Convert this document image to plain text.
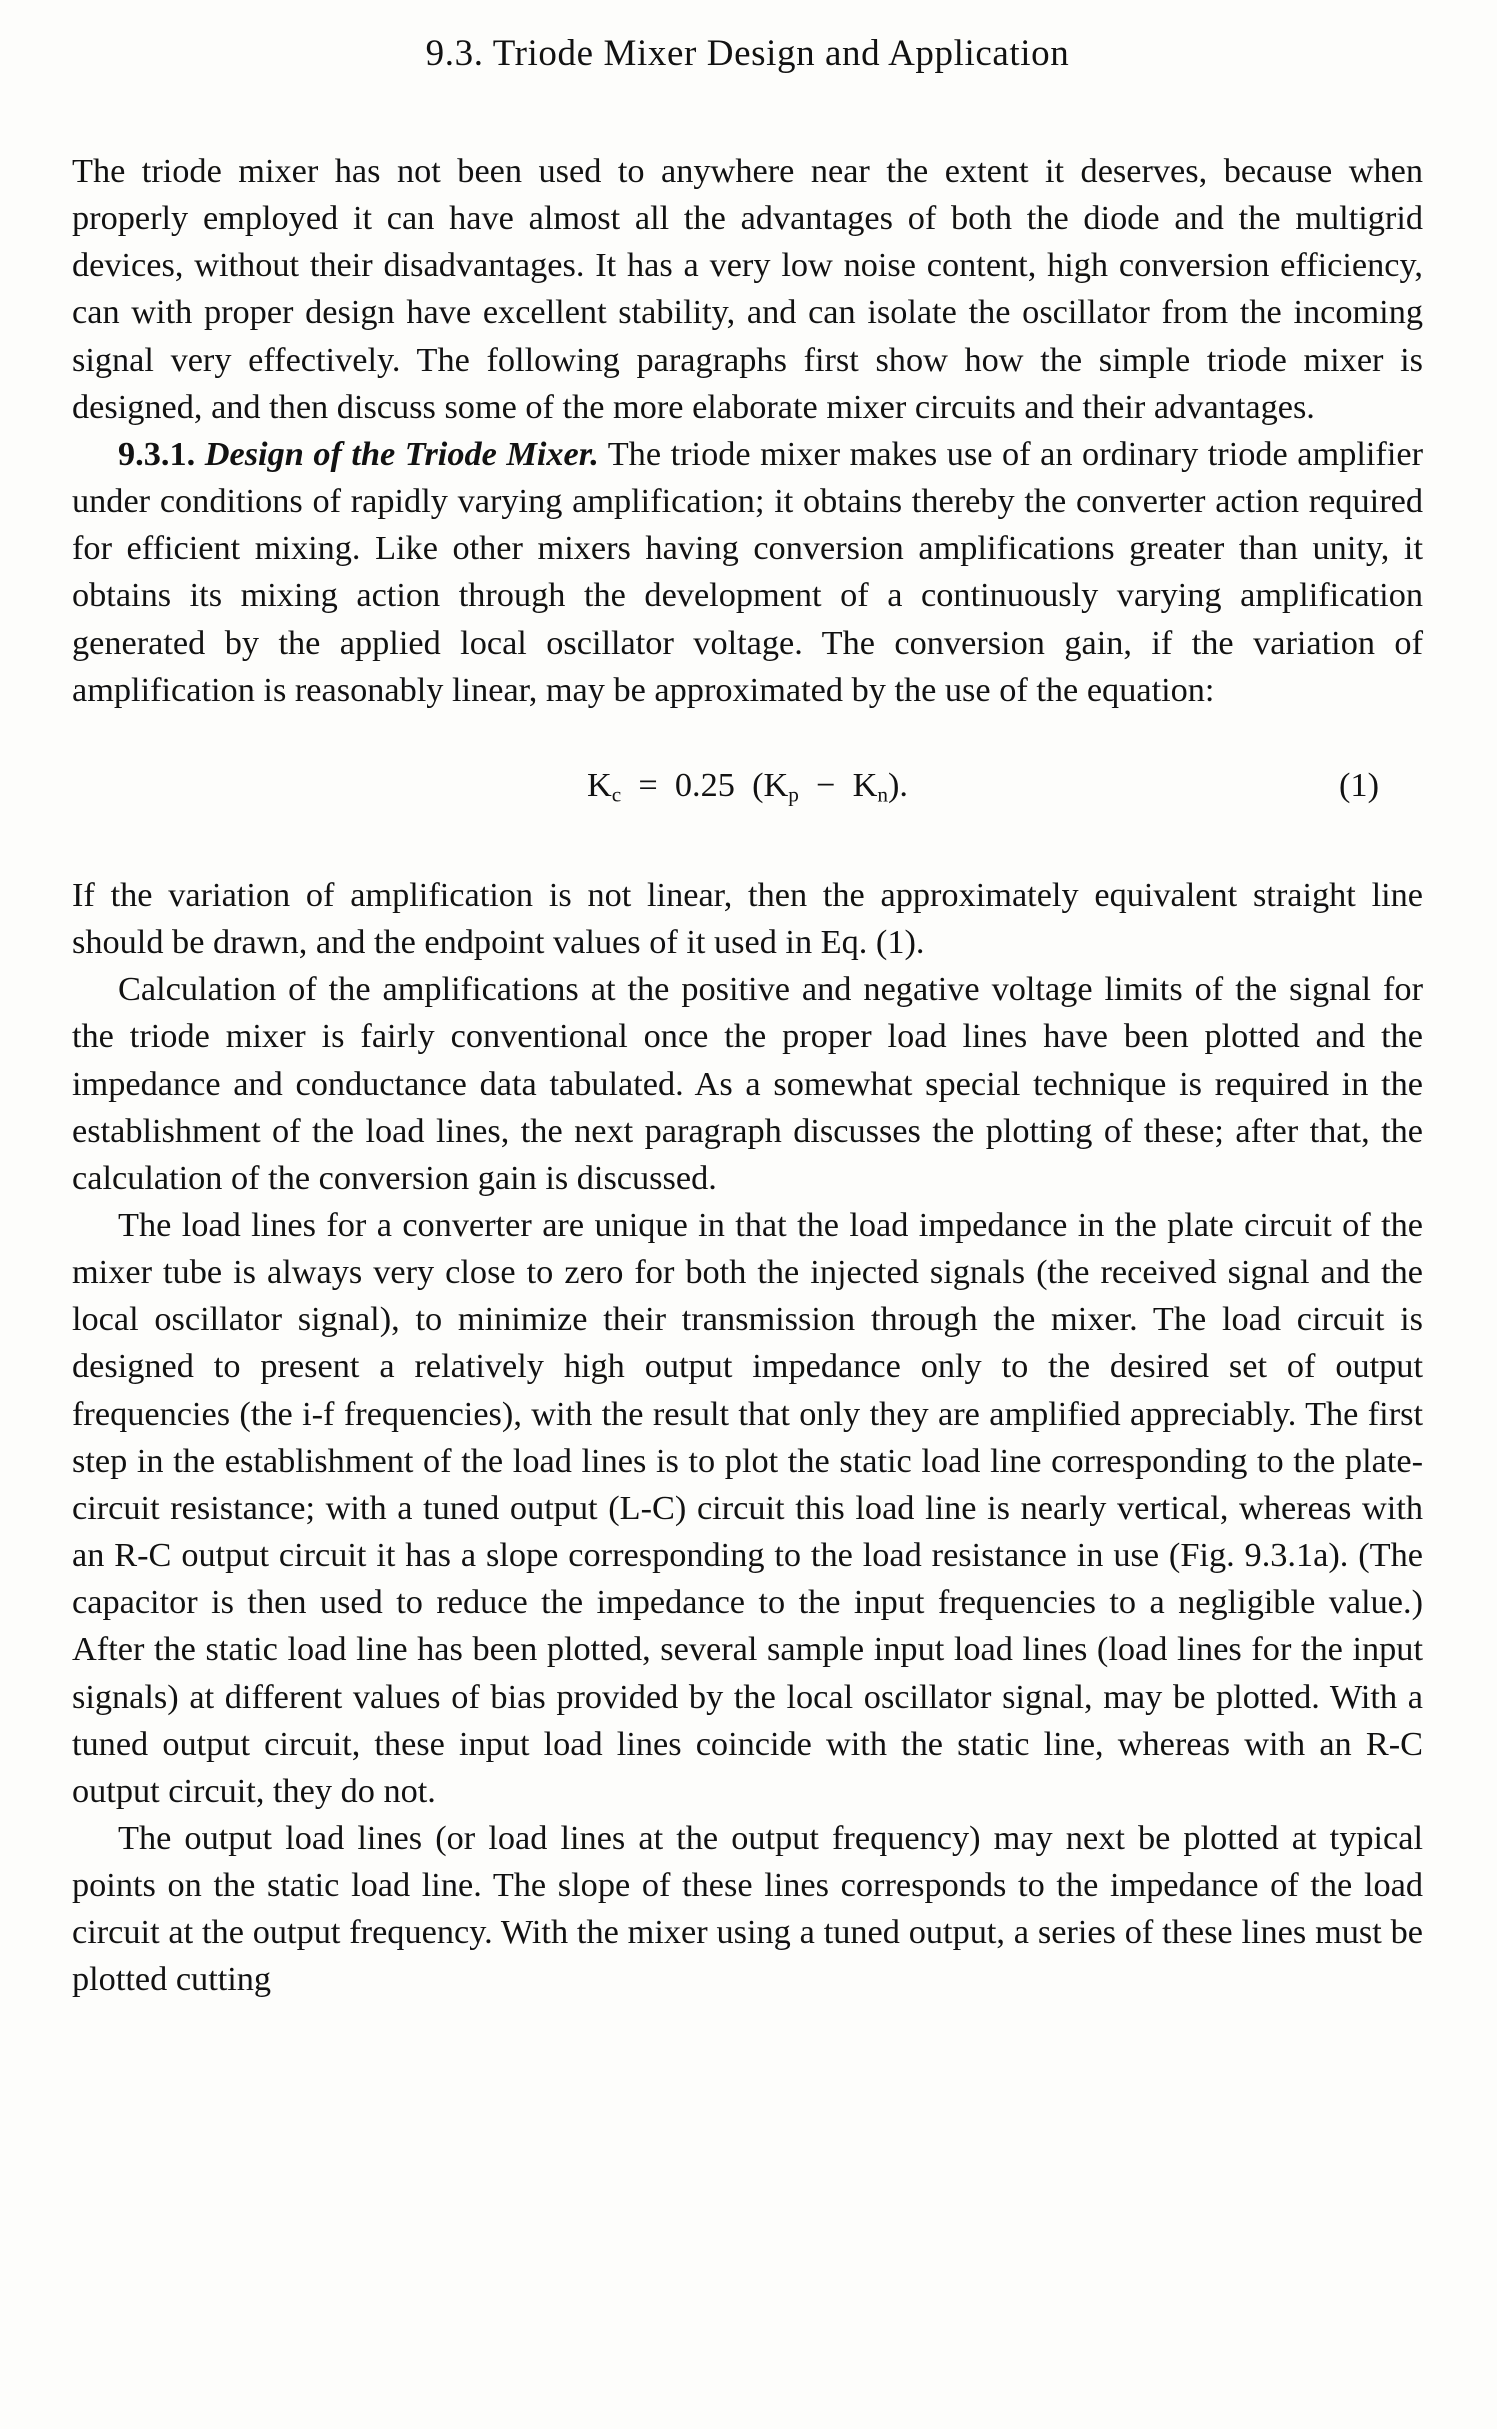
9.3. Triode Mixer Design and Application

The triode mixer has not been used to anywhere near the extent it deserves, because when properly employed it can have almost all the advantages of both the diode and the multigrid devices, without their disadvantages. It has a very low noise content, high conversion efficiency, can with proper design have excellent stability, and can isolate the oscillator from the incoming signal very effectively. The following paragraphs first show how the simple triode mixer is designed, and then discuss some of the more elaborate mixer circuits and their advantages.

9.3.1. Design of the Triode Mixer. The triode mixer makes use of an ordinary triode amplifier under conditions of rapidly varying amplification; it obtains thereby the converter action required for efficient mixing. Like other mixers having conversion amplifications greater than unity, it obtains its mixing action through the development of a continuously varying amplification generated by the applied local oscillator voltage. The conversion gain, if the variation of amplification is reasonably linear, may be approximated by the use of the equation:

$K_c = 0.25$ $(K_p - K_n)$.	(1)

If the variation of amplification is not linear, then the approximately equivalent straight line should be drawn, and the endpoint values of it used in Eq. (1).

Calculation of the amplifications at the positive and negative voltage limits of the signal for the triode mixer is fairly conventional once the proper load lines have been plotted and the impedance and conductance data tabulated. As a somewhat special technique is required in the establishment of the load lines, the next paragraph discusses the plotting of these; after that, the calculation of the conversion gain is discussed.

The load lines for a converter are unique in that the load impedance in the plate circuit of the mixer tube is always very close to zero for both the injected signals (the received signal and the local oscillator signal), to minimize their transmission through the mixer. The load circuit is designed to present a relatively high output impedance only to the desired set of output frequencies (the i-f frequencies), with the result that only they are amplified appreciably. The first step in the establishment of the load lines is to plot the static load line corresponding to the plate-circuit resistance; with a tuned output (L-C) circuit this load line is nearly vertical, whereas with an R-C output circuit it has a slope corresponding to the load resistance in use (Fig. 9.3.1a). (The capacitor is then used to reduce the impedance to the input frequencies to a negligible value.) After the static load line has been plotted, several sample input load lines (load lines for the input signals) at different values of bias provided by the local oscillator signal, may be plotted. With a tuned output circuit, these input load lines coincide with the static line, whereas with an R-C output circuit, they do not.

The output load lines (or load lines at the output frequency) may next be plotted at typical points on the static load line. The slope of these lines corresponds to the impedance of the load circuit at the output frequency. With the mixer using a tuned output, a series of these lines must be plotted cutting
